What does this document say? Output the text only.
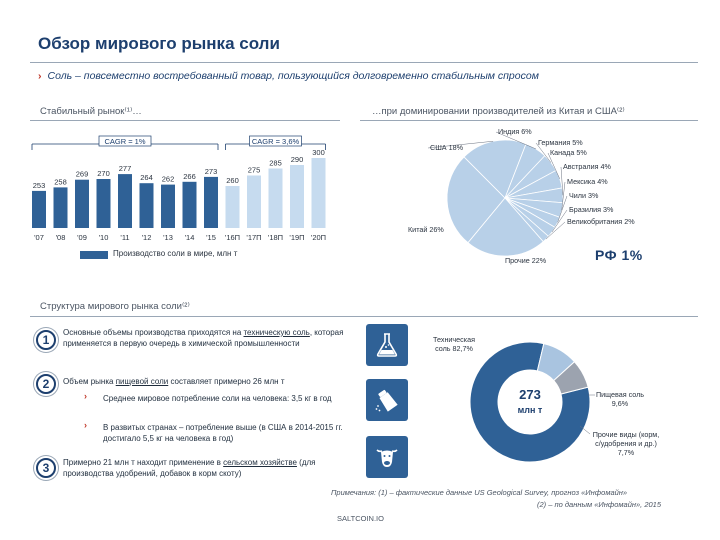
Обзор мирового рынка соли
› Соль – повсеместно востребованный товар, пользующийся долговременно стабильным спросом
Стабильный рынок⁽¹⁾…	…при доминировании производителей из Китая и США⁽²⁾
253
'07
258
'08
269
'09
270
'10
277
'11
264
'12
262
'13
266
'14
273
'15
260
'16П
275
'17П
285
'18П
290
'19П
300
'20П
CAGR = 1%	CAGR = 3,6%
Производство соли в мире, млн т
Китай 26%
США 18%
Индия 6%
Германия 5%
Канада 5%
Австралия 4%
Мексика 4%
Чили 3%
Бразилия 3%
Великобритания 2%
Прочие 22%	РФ 1%
Структура мирового рынка соли⁽²⁾
1
Основные объемы производства приходятся на техническую соль, которая применяется в первую очередь в химической промышленности
2	Объем рынка пищевой соли составляет примерно 26 млн т
› Среднее мировое потребление соли на человека: 3,5 кг в год
› В развитых странах – потребление выше (в США в 2014-2015 гг. достигало 5,5 кг на человека в год)
3	Примерно 21 млн т находит применение в сельском хозяйстве (для производства удобрений, добавок в корм скоту)
273
млн т
Техническая
соль 82,7%
Пищевая соль
9,6%
Прочие виды (корм,
с/удобрения и др.)
7,7%
Примечания: (1) – фактические данные US Geological Survey, прогноз «Инфомайн»
(2) – по данным «Инфомайн», 2015
SALTCOIN.IO
